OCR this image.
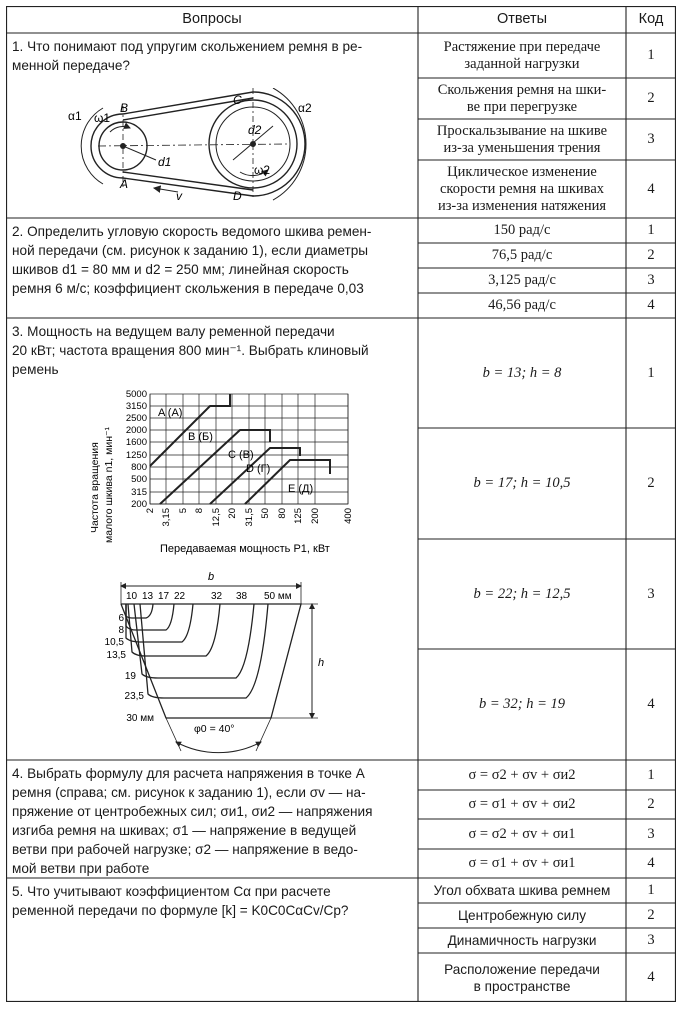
Вопросы	Ответы	Код
1. Что понимают под упругим скольжением ремня в ре-
менной передаче?
α1 ω1
B
A
d1
v
C
D
d2
ω2
α2
Растяжение при передаче
заданной нагрузки
1
Скольжения ремня на шки-
ве при перегрузке
2
Проскальзывание на шкиве
из-за уменьшения трения
3
Циклическое изменение
скорости ремня на шкивах
из-за изменения натяжения
4
2. Определить угловую скорость ведомого шкива ремен-
ной передачи (см. рисунок к заданию 1), если диаметры
шкивов d1 = 80 мм и d2 = 250 мм; линейная скорость
ремня 6 м/с; коэффициент скольжения в передаче 0,03
150 рад/с	1
76,5 рад/с	2
3,125 рад/с	3
46,56 рад/с	4
3. Мощность на ведущем валу ременной передачи
20 кВт; частота вращения 800 мин⁻¹. Выбрать клиновый
ремень
A (A)
B (Б)
C (B)
D (Г)
E (Д)
5000
3150
2500
2000
1600
1250
800
500
315
200
2 3,15 5 8 12,5 20 31,5 50 80 125 200 400
Передаваемая мощность P1, кВт
Частота вращения малого шкива n1, мин⁻¹
b
10 13 17 22	32 38 50 мм
6
8
10,5
13,5
19
23,5
30 мм
h
φ0 = 40°
b = 13; h = 8	1
b = 17; h = 10,5	2
b = 22; h = 12,5	3
b = 32; h = 19	4
4. Выбрать формулу для расчета напряжения в точке A
ремня (справа; см. рисунок к заданию 1), если σv — на-
пряжение от центробежных сил; σи1, σи2 — напряжения
изгиба ремня на шкивах; σ1 — напряжение в ведущей
ветви при рабочей нагрузке; σ2 — напряжение в ведо-
мой ветви при работе
σ = σ2 + σv + σи2	1
σ = σ1 + σv + σи2	2
σ = σ2 + σv + σи1	3
σ = σ1 + σv + σи1	4
5. Что учитывают коэффициентом Cα при расчете
ременной передачи по формуле [k] = K0C0CαCv/Cp?
Угол обхвата шкива ремнем	1
Центробежную силу	2
Динамичность нагрузки	3
Расположение передачи
в пространстве
4
